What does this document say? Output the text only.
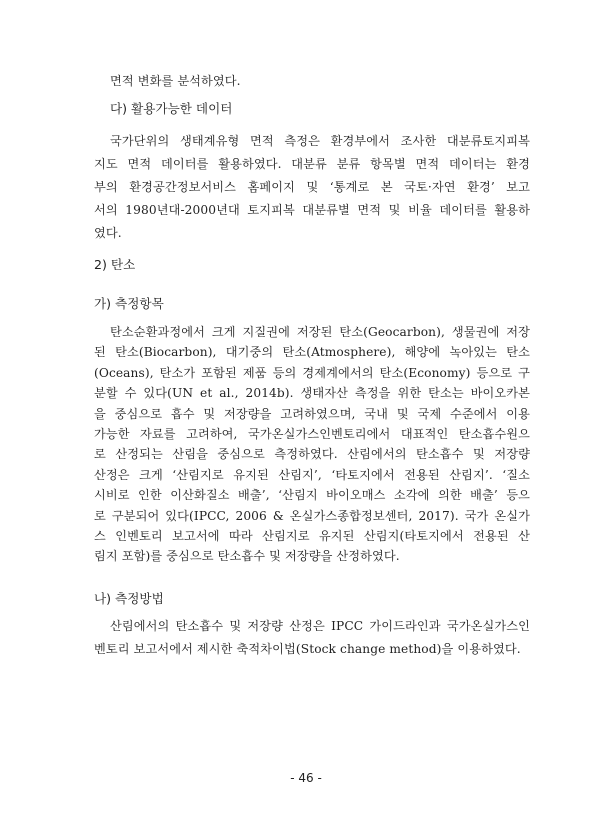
면적 변화를 분석하였다.
다) 활용가능한 데이터
국가단위의 생태계유형 면적 측정은 환경부에서 조사한 대분류토지피복
지도 면적 데이터를 활용하였다. 대분류 분류 항목별 면적 데이터는 환경
부의 환경공간정보서비스 홈페이지 및 ‘통계로 본 국토·자연 환경’ 보고
서의 1980년대-2000년대 토지피복 대분류별 면적 및 비율 데이터를 활용하
였다.
2) 탄소
가) 측정항목
탄소순환과정에서 크게 지질권에 저장된 탄소(Geocarbon), 생물권에 저장
된 탄소(Biocarbon), 대기중의 탄소(Atmosphere), 해양에 녹아있는 탄소
(Oceans), 탄소가 포함된 제품 등의 경제계에서의 탄소(Economy) 등으로 구
분할 수 있다(UN et al., 2014b). 생태자산 측정을 위한 탄소는 바이오카본
을 중심으로 흡수 및 저장량을 고려하였으며, 국내 및 국제 수준에서 이용
가능한 자료를 고려하여, 국가온실가스인벤토리에서 대표적인 탄소흡수원으
로 산정되는 산림을 중심으로 측정하였다. 산림에서의 탄소흡수 및 저장량
산정은 크게 ‘산림지로 유지된 산림지’, ‘타토지에서 전용된 산림지’. ‘질소
시비로 인한 이산화질소 배출’, ‘산림지 바이오매스 소각에 의한 배출’ 등으
로 구분되어 있다(IPCC, 2006 & 온실가스종합정보센터, 2017). 국가 온실가
스 인벤토리 보고서에 따라 산림지로 유지된 산림지(타토지에서 전용된 산
림지 포함)를 중심으로 탄소흡수 및 저장량을 산정하였다.
나) 측정방법
산림에서의 탄소흡수 및 저장량 산정은 IPCC 가이드라인과 국가온실가스인
벤토리 보고서에서 제시한 축적차이법(Stock change method)을 이용하였다.
- 46 -
